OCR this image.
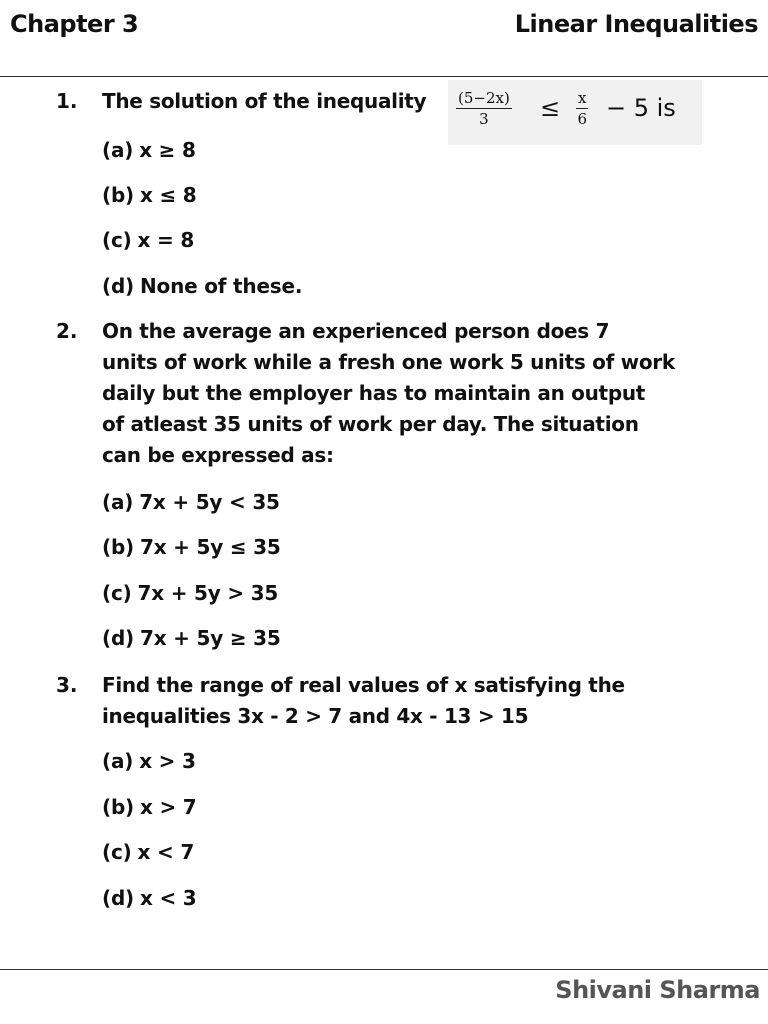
Chapter 3	Linear Inequalities
1. The solution of the inequality	$\frac{(5-2x)}{3} \le \frac{x}{6} - 5$ is
(a) x ≥ 8
(b) x ≤ 8
(c) x = 8
(d) None of these.
2. On the average an experienced person does 7
units of work while a fresh one work 5 units of work
daily but the employer has to maintain an output
of atleast 35 units of work per day. The situation
can be expressed as:
(a) 7x + 5y < 35
(b) 7x + 5y ≤ 35
(c) 7x + 5y > 35
(d) 7x + 5y ≥ 35
3. Find the range of real values of x satisfying the
inequalities 3x - 2 > 7 and 4x - 13 > 15
(a) x > 3
(b) x > 7
(c) x < 7
(d) x < 3
Shivani Sharma
